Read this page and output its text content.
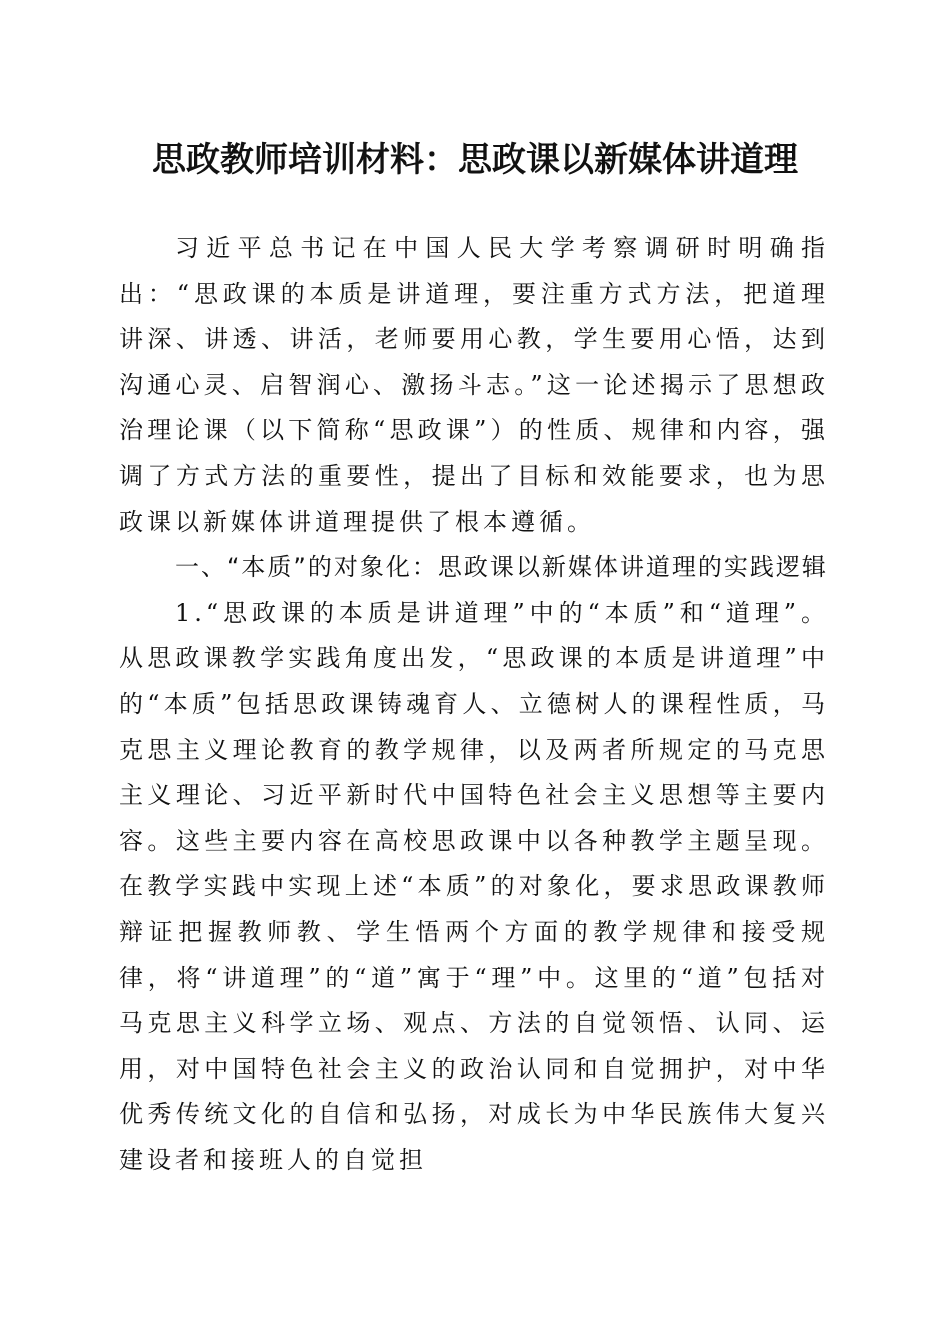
思政教师培训材料：思政课以新媒体讲道理

习近平总书记在中国人民大学考察调研时明确指出：“思政课的本质是讲道理，要注重方式方法，把道理讲深、讲透、讲活，老师要用心教，学生要用心悟，达到沟通心灵、启智润心、激扬斗志。”这一论述揭示了思想政治理论课（以下简称“思政课”）的性质、规律和内容，强调了方式方法的重要性，提出了目标和效能要求，也为思政课以新媒体讲道理提供了根本遵循。

一、“本质”的对象化：思政课以新媒体讲道理的实践逻辑

1.“思政课的本质是讲道理”中的“本质”和“道理”。从思政课教学实践角度出发，“思政课的本质是讲道理”中的“本质”包括思政课铸魂育人、立德树人的课程性质，马克思主义理论教育的教学规律，以及两者所规定的马克思主义理论、习近平新时代中国特色社会主义思想等主要内容。这些主要内容在高校思政课中以各种教学主题呈现。在教学实践中实现上述“本质”的对象化，要求思政课教师辩证把握教师教、学生悟两个方面的教学规律和接受规律，将“讲道理”的“道”寓于“理”中。这里的“道”包括对马克思主义科学立场、观点、方法的自觉领悟、认同、运用，对中国特色社会主义的政治认同和自觉拥护，对中华优秀传统文化的自信和弘扬，对成长为中华民族伟大复兴建设者和接班人的自觉担
